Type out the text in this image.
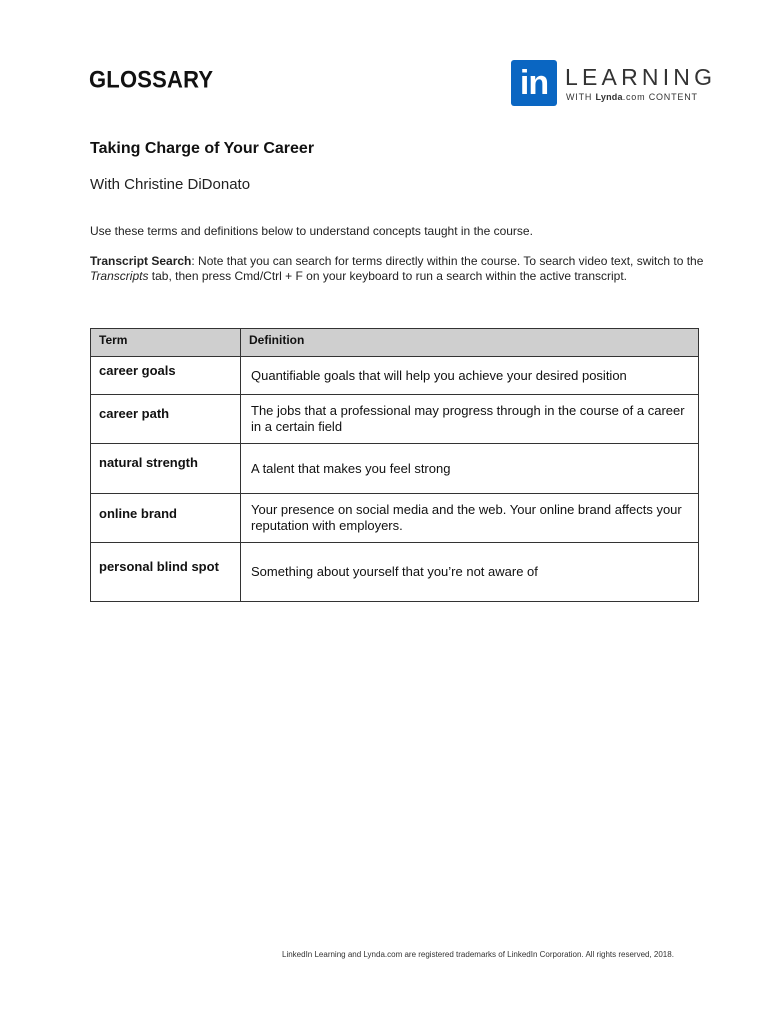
GLOSSARY	in LEARNING
WITH Lynda.com CONTENT
Taking Charge of Your Career
With Christine DiDonato
Use these terms and definitions below to understand concepts taught in the course.
Transcript Search: Note that you can search for terms directly within the course. To search video text, switch to the Transcripts tab, then press Cmd/Ctrl + F on your keyboard to run a search within the active transcript.
Term	Definition
career goals	Quantifiable goals that will help you achieve your desired position
career path	The jobs that a professional may progress through in the course of a career in a certain field
natural strength	A talent that makes you feel strong
online brand	Your presence on social media and the web. Your online brand affects your reputation with employers.
personal blind spot	Something about yourself that you’re not aware of
LinkedIn Learning and Lynda.com are registered trademarks of LinkedIn Corporation. All rights reserved, 2018.
